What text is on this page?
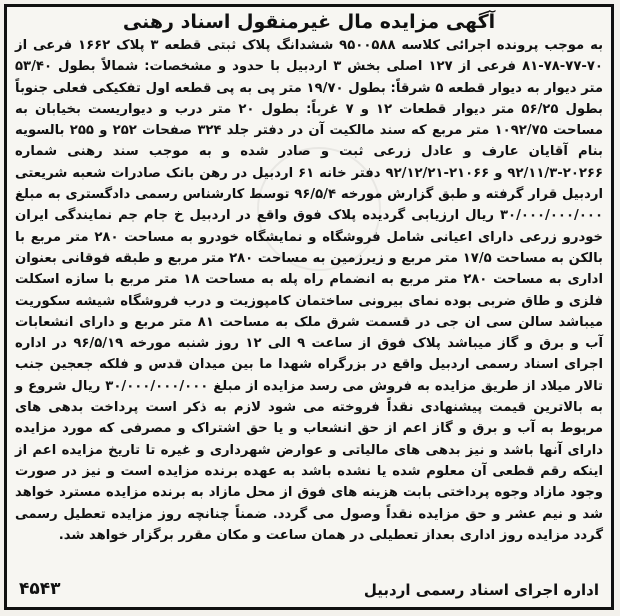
آگهی مزایده مال غیرمنقول اسناد رهنی
به موجب پرونده اجرائی کلاسه ۹۵۰۰۵۸۸ ششدانگ پلاک ثبتی قطعه ۳ پلاک ۱۶۶۲ فرعی از ۷۰-۷۷-۷۸-۸۱ فرعی از ۱۲۷ اصلی بخش ۳ اردبیل با حدود و مشخصات: شمالاً بطول ۵۳/۴۰ متر دیوار به دیوار قطعه ۵ شرقاً: بطول ۱۹/۷۰ متر پی به پی قطعه اول تفکیکی فعلی جنوباً بطول ۵۶/۲۵ متر دیوار قطعات ۱۲ و ۷ غرباً: بطول ۲۰ متر درب و دیواریست بخیابان به مساحت ۱۰۹۲/۷۵ متر مربع که سند مالکیت آن در دفتر جلد ۳۲۴ صفحات ۲۵۲ و ۲۵۵ بالسویه بنام آقایان عارف و عادل زرعی ثبت و صادر شده و به موجب سند رهنی شماره ۲۰۲۶۶-۹۲/۱۱/۳ و ۲۱۰۶۶-۹۲/۱۲/۲۱ دفتر خانه ۶۱ اردبیل در رهن بانک صادرات شعبه شریعتی اردبیل قرار گرفته و طبق گزارش مورخه ۹۶/۵/۴ توسط کارشناس رسمی دادگستری به مبلغ ۳۰/۰۰۰/۰۰۰/۰۰۰ ریال ارزیابی گردیده پلاک فوق واقع در اردبیل خ جام جم نمایندگی ایران خودرو زرعی دارای اعیانی شامل فروشگاه و نمایشگاه خودرو به مساحت ۲۸۰ متر مربع با بالکن به مساحت ۱۷/۵ متر مربع و زیرزمین به مساحت ۲۸۰ متر مربع و طبقه فوقانی بعنوان اداری به مساحت ۲۸۰ متر مربع به انضمام راه پله به مساحت ۱۸ متر مربع با سازه اسکلت فلزی و طاق ضربی بوده نمای بیرونی ساختمان کامپوزیت و درب فروشگاه شیشه سکوریت میباشد سالن سی ان جی در قسمت شرق ملک به مساحت ۸۱ متر مربع و دارای انشعابات آب و برق و گاز میباشد پلاک فوق از ساعت ۹ الی ۱۲ روز شنبه مورخه ۹۶/۵/۱۹ در اداره اجرای اسناد رسمی اردبیل واقع در بزرگراه شهدا ما بین میدان قدس و فلکه جعجین جنب تالار میلاد از طریق مزایده به فروش می رسد مزایده از مبلغ ۳۰/۰۰۰/۰۰۰/۰۰۰ ریال شروع و به بالاترین قیمت پیشنهادی نقداً فروخته می شود لازم به ذکر است پرداخت بدهی های مربوط به آب و برق و گاز اعم از حق انشعاب و یا حق اشتراک و مصرفی که مورد مزایده دارای آنها باشد و نیز بدهی های مالیاتی و عوارض شهرداری و غیره تا تاریخ مزایده اعم از اینکه رقم قطعی آن معلوم شده یا نشده باشد به عهده برنده مزایده است و نیز در صورت وجود مازاد وجوه پرداختی بابت هزینه های فوق از محل مازاد به برنده مزایده مسترد خواهد شد و نیم عشر و حق مزایده نقداً وصول می گردد. ضمناً چنانچه روز مزایده تعطیل رسمی گردد مزایده روز اداری بعداز تعطیلی در همان ساعت و مکان مقرر برگزار خواهد شد.
اداره اجرای اسناد رسمی اردبیل
۴۵۴۳
